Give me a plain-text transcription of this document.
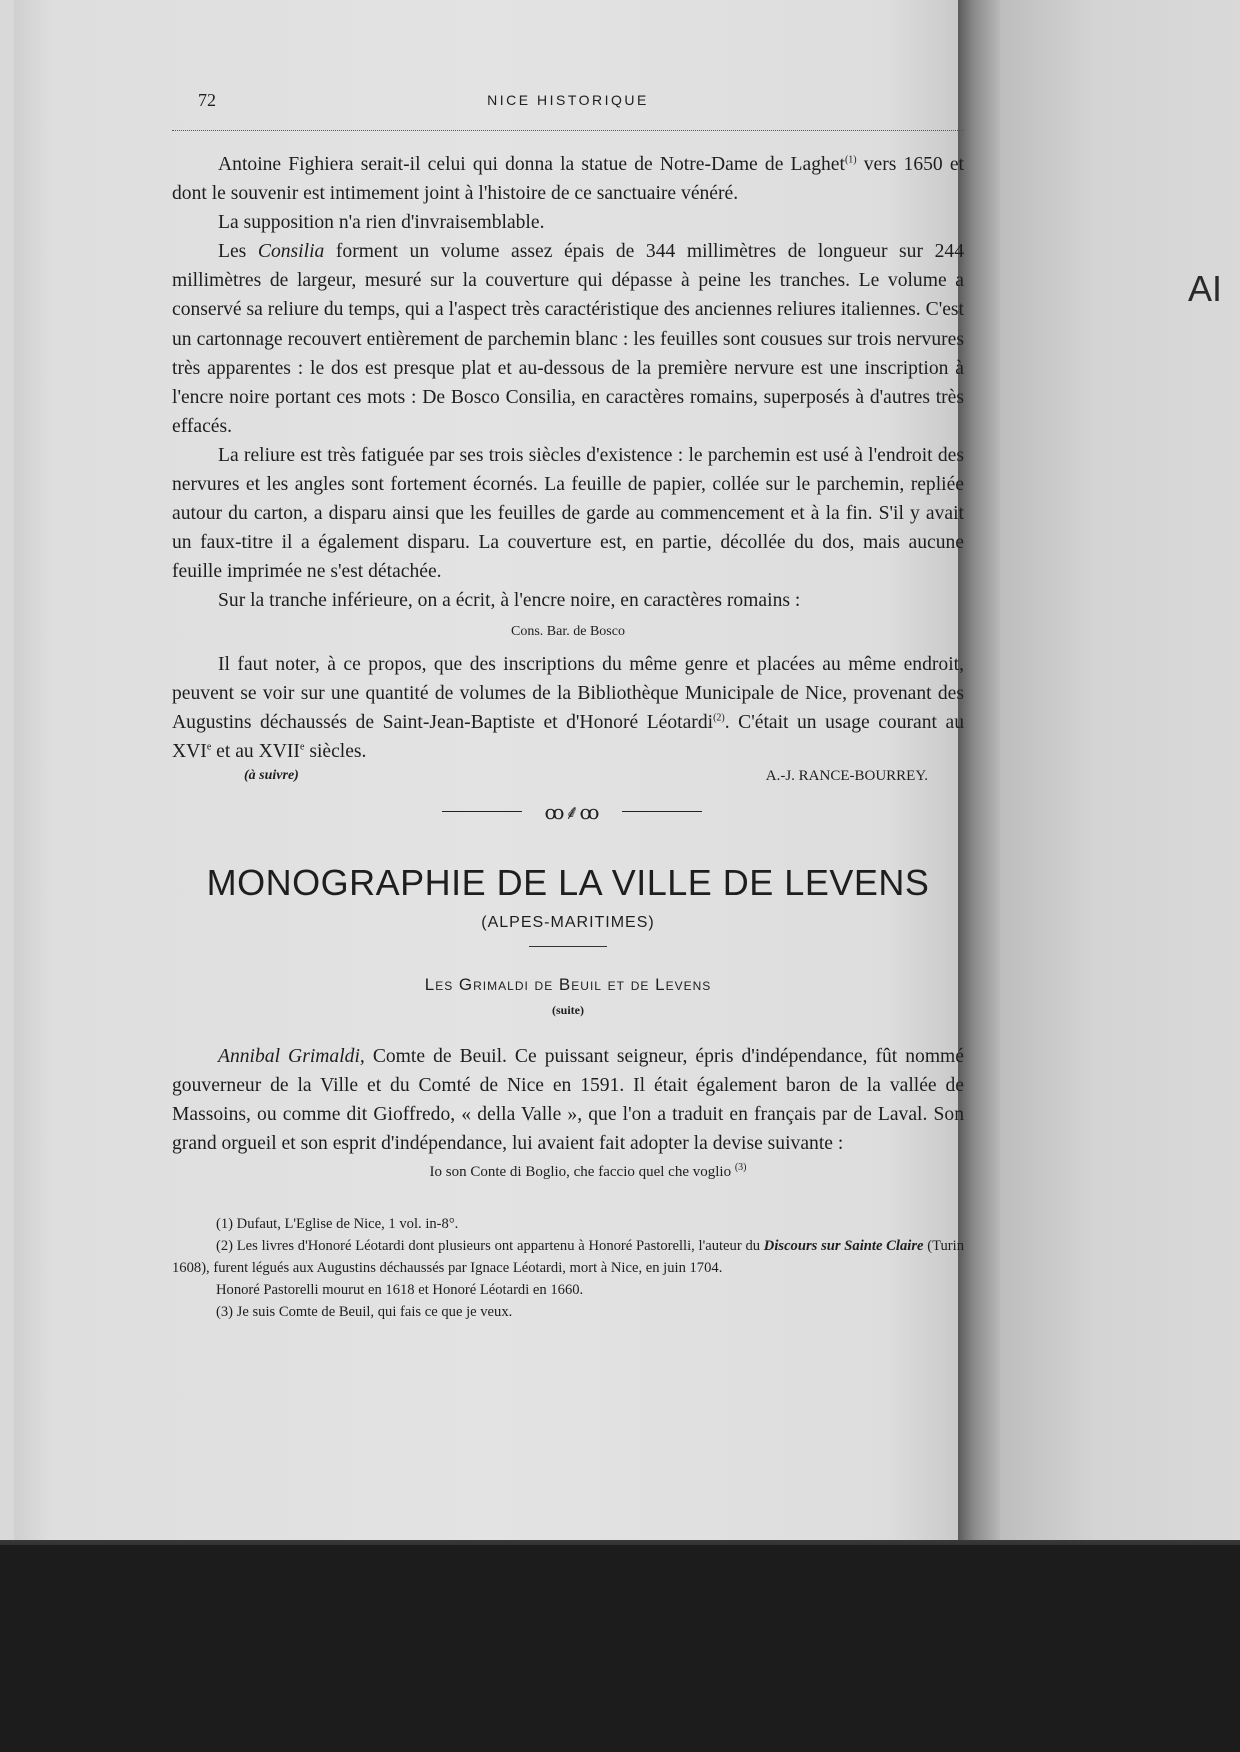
AI
72	NICE HISTORIQUE

Antoine Fighiera serait-il celui qui donna la statue de Notre-Dame de Laghet$^{(1)}$ vers 1650 et dont le souvenir est intimement joint à l'histoire de ce sanctuaire vénéré.

La supposition n'a rien d'invraisemblable.

Les Consilia forment un volume assez épais de 344 millimètres de longueur sur 244 millimètres de largeur, mesuré sur la couverture qui dépasse à peine les tranches. Le volume a conservé sa reliure du temps, qui a l'aspect très caractéristique des anciennes reliures italiennes. C'est un cartonnage recouvert entièrement de parchemin blanc : les feuilles sont cousues sur trois nervures très apparentes : le dos est presque plat et au-dessous de la première nervure est une inscription à l'encre noire portant ces mots : De Bosco Consilia, en caractères romains, superposés à d'autres très effacés.

La reliure est très fatiguée par ses trois siècles d'existence : le parchemin est usé à l'endroit des nervures et les angles sont fortement écornés. La feuille de papier, collée sur le parchemin, repliée autour du carton, a disparu ainsi que les feuilles de garde au commencement et à la fin. S'il y avait un faux-titre il a également disparu. La couverture est, en partie, décollée du dos, mais aucune feuille imprimée ne s'est détachée.

Sur la tranche inférieure, on a écrit, à l'encre noire, en caractères romains :

Cons. Bar. de Bosco

Il faut noter, à ce propos, que des inscriptions du même genre et placées au même endroit, peuvent se voir sur une quantité de volumes de la Bibliothèque Municipale de Nice, provenant des Augustins déchaussés de Saint-Jean-Baptiste et d'Honoré Léotardi$^{(2)}$. C'était un usage courant au XVIe et au XVIIe siècles.

(à suivre)	A.-J. RANCE-BOURREY.
ꝏ⸙ꝏ
MONOGRAPHIE DE LA VILLE DE LEVENS
(ALPES-MARITIMES)
Les Grimaldi de Beuil et de Levens
(suite)

Annibal Grimaldi, Comte de Beuil. Ce puissant seigneur, épris d'indépendance, fût nommé gouverneur de la Ville et du Comté de Nice en 1591. Il était également baron de la vallée de Massoins, ou comme dit Gioffredo, « della Valle », que l'on a traduit en français par de Laval. Son grand orgueil et son esprit d'indépendance, lui avaient fait adopter la devise suivante :

Io son Conte di Boglio, che faccio quel che voglio $^{(3)}$
(1) Dufaut, L'Eglise de Nice, 1 vol. in-8°.
(2) Les livres d'Honoré Léotardi dont plusieurs ont appartenu à Honoré Pastorelli, l'auteur du Discours sur Sainte Claire (Turin 1608), furent légués aux Augustins déchaussés par Ignace Léotardi, mort à Nice, en juin 1704.
Honoré Pastorelli mourut en 1618 et Honoré Léotardi en 1660.
(3) Je suis Comte de Beuil, qui fais ce que je veux.
